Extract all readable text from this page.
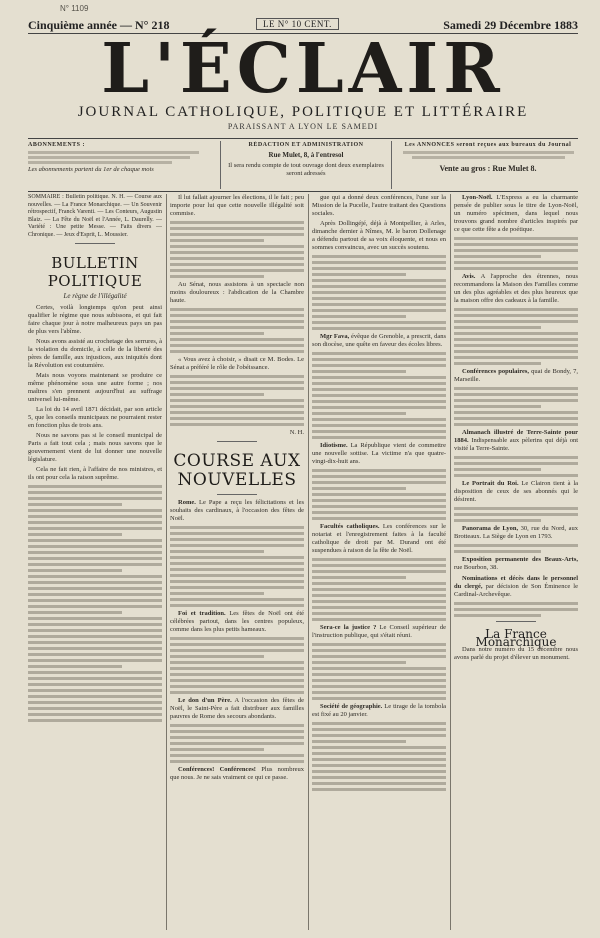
N° 1109
Cinquième année — N° 218	LE N° 10 CENT.	Samedi 29 Décembre 1883
L'ÉCLAIR
JOURNAL CATHOLIQUE, POLITIQUE ET LITTÉRAIRE
PARAISSANT A LYON LE SAMEDI
ABONNEMENTS :
Les abonnements partent du 1er de chaque mois
RÉDACTION ET ADMINISTRATION
Rue Mulet, 8, à l'entresol
Il sera rendu compte de tout ouvrage dont deux exemplaires seront adressés
Les ANNONCES seront reçues aux bureaux du Journal
Vente au gros : Rue Mulet 8.

SOMMAIRE : Bulletin politique. N. H. — Course aux nouvelles. — La France Monarchique. — Un Souvenir rétrospectif, Franck Varenti. — Les Conteurs, Augustin Blaiz. — La Fête du Noël et l'Année, L. Daurelly. — Variété : Une petite Messe. — Faits divers — Chronique. — Jeux d'Esprit, L. Moussier.

BULLETIN POLITIQUE
Le règne de l'illégalité

Certes, voilà longtemps qu'on peut ainsi qualifier le régime que nous subissons, et qui fait faire chaque jour à notre malheureux pays un pas de plus vers l'abîme.

Nous avons assisté au crochetage des serrures, à la violation du domicile, à celle de la liberté des pères de famille, aux injustices, aux iniquités dont la Révolution est coutumière.

Mais nous voyons maintenant se produire ce même phénomène sous une autre forme ; nos maîtres s'en prennent aujourd'hui au suffrage universel lui-même.

La loi du 14 avril 1871 décidait, par son article 5, que les conseils municipaux ne pourraient rester en fonction plus de trois ans.

Nous ne savons pas si le conseil municipal de Paris a fait tout cela ; mais nous savons que le gouvernement vient de lui donner une nouvelle législature.

Cela ne fait rien, à l'affaire de nos ministres, et ils ont pour cela la raison suprême.

Il lui fallait ajourner les élections, il le fait ; peu importe pour lui que cette nouvelle illégalité soit commise.

Au Sénat, nous assistons à un spectacle non moins douloureux : l'abdication de la Chambre haute.

« Vous avez à choisir, » disait ce M. Bodes. Le Sénat a préféré le rôle de l'obéissance.

N. H.
COURSE AUX NOUVELLES

Rome. Le Pape a reçu les félicitations et les souhaits des cardinaux, à l'occasion des fêtes de Noël.

Foi et tradition. Les fêtes de Noël ont été célébrées partout, dans les centres populeux, comme dans les plus petits hameaux.

Le don d'un Père. A l'occasion des fêtes de Noël, le Saint-Père a fait distribuer aux familles pauvres de Rome des secours abondants.

Conférences! Conférences! Plus nombreux que nous. Je ne sais vraiment ce qui ce passe.

gue qui a donné deux conférences, l'une sur la Mission de la Pucelle, l'autre traitant des Questions sociales.

Après Dollingéjé, déjà à Montpellier, à Arles, dimanche dernier à Nîmes, M. le baron Dollenage a défendu partout de sa voix éloquente, et nous en sommes convaincus, avec un succès soutenu.

Mgr Fava, évêque de Grenoble, a prescrit, dans son diocèse, une quête en faveur des écoles libres.

Idiotisme. La République vient de commettre une nouvelle sottise. La victime n'a que quatre-vingt-dix-huit ans.

Facultés catholiques. Les conférences sur le notariat et l'enregistrement faites à la faculté catholique de droit par M. Durand ont été suspendues à raison de la fête de Noël.

Sera-ce la justice ? Le Conseil supérieur de l'instruction publique, qui s'était réuni.

Société de géographie. Le tirage de la tombola est fixé au 20 janvier.

Lyon-Noël. L'Express a eu la charmante pensée de publier sous le titre de Lyon-Noël, un numéro spécimen, dans lequel nous trouvons grand nombre d'articles inspirés par ce que cette fête a de poétique.

Avis. A l'approche des étrennes, nous recommandons la Maison des Familles comme un des plus agréables et des plus heureux que la maison offre des cadeaux à la famille.

Conférences populaires, quai de Bondy, 7, Marseille.

Almanach illustré de Terre-Sainte pour 1884. Indispensable aux pèlerins qui déjà ont visité la Terre-Sainte.

Le Portrait du Roi. Le Clairon tient à la disposition de ceux de ses abonnés qui le désirent.

Panorama de Lyon, 30, rue du Nord, aux Brotteaux. La Siège de Lyon en 1793.

Exposition permanente des Beaux-Arts, rue Bourbon, 38.

Nominations et décès dans le personnel du clergé, par décision de Son Éminence le Cardinal-Archevêque.

La France Monarchique

Dans notre numéro du 15 décembre nous avons parlé du projet d'élever un monument.
